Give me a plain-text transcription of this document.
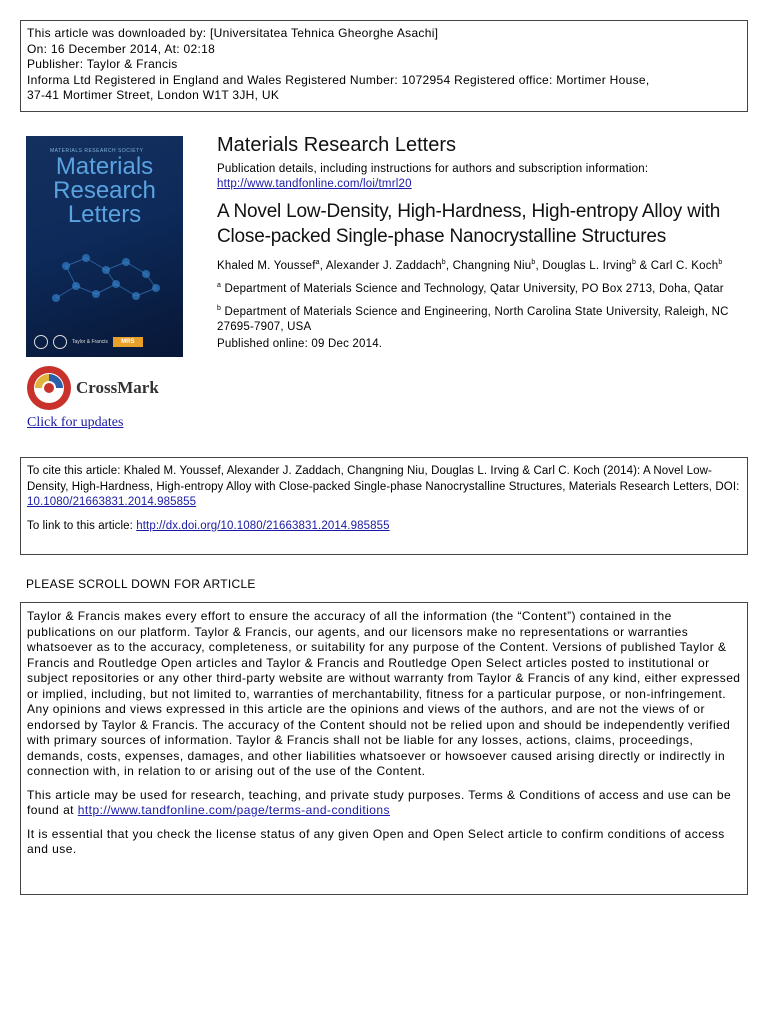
This article was downloaded by: [Universitatea Tehnica Gheorghe Asachi]
On: 16 December 2014, At: 02:18
Publisher: Taylor & Francis
Informa Ltd Registered in England and Wales Registered Number: 1072954 Registered office: Mortimer House,
37-41 Mortimer Street, London W1T 3JH, UK
MATERIALS RESEARCH SOCIETY
Materials
Research
Letters
Taylor & Francis	MRS
CrossMark
Click for updates
Materials Research Letters
Publication details, including instructions for authors and subscription information:
http://www.tandfonline.com/loi/tmrl20
A Novel Low-Density, High-Hardness, High-entropy Alloy with Close-packed Single-phase Nanocrystalline Structures
Khaled M. Youssef$^a$, Alexander J. Zaddach$^b$, Changning Niu$^b$, Douglas L. Irving$^b$ & Carl C. Koch$^b$
$^a$ Department of Materials Science and Technology, Qatar University, PO Box 2713, Doha, Qatar
$^b$ Department of Materials Science and Engineering, North Carolina State University, Raleigh, NC 27695-7907, USA
Published online: 09 Dec 2014.
To cite this article: Khaled M. Youssef, Alexander J. Zaddach, Changning Niu, Douglas L. Irving & Carl C. Koch (2014): A Novel Low-Density, High-Hardness, High-entropy Alloy with Close-packed Single-phase Nanocrystalline Structures, Materials Research Letters, DOI: 10.1080/21663831.2014.985855
To link to this article: http://dx.doi.org/10.1080/21663831.2014.985855
PLEASE SCROLL DOWN FOR ARTICLE

Taylor & Francis makes every effort to ensure the accuracy of all the information (the “Content”) contained in the publications on our platform. Taylor & Francis, our agents, and our licensors make no representations or warranties whatsoever as to the accuracy, completeness, or suitability for any purpose of the Content. Versions of published Taylor & Francis and Routledge Open articles and Taylor & Francis and Routledge Open Select articles posted to institutional or subject repositories or any other third-party website are without warranty from Taylor & Francis of any kind, either expressed or implied, including, but not limited to, warranties of merchantability, fitness for a particular purpose, or non-infringement. Any opinions and views expressed in this article are the opinions and views of the authors, and are not the views of or endorsed by Taylor & Francis. The accuracy of the Content should not be relied upon and should be independently verified with primary sources of information. Taylor & Francis shall not be liable for any losses, actions, claims, proceedings, demands, costs, expenses, damages, and other liabilities whatsoever or howsoever caused arising directly or indirectly in connection with, in relation to or arising out of the use of the Content.

This article may be used for research, teaching, and private study purposes. Terms & Conditions of access and use can be found at http://www.tandfonline.com/page/terms-and-conditions

It is essential that you check the license status of any given Open and Open Select article to confirm conditions of access and use.
